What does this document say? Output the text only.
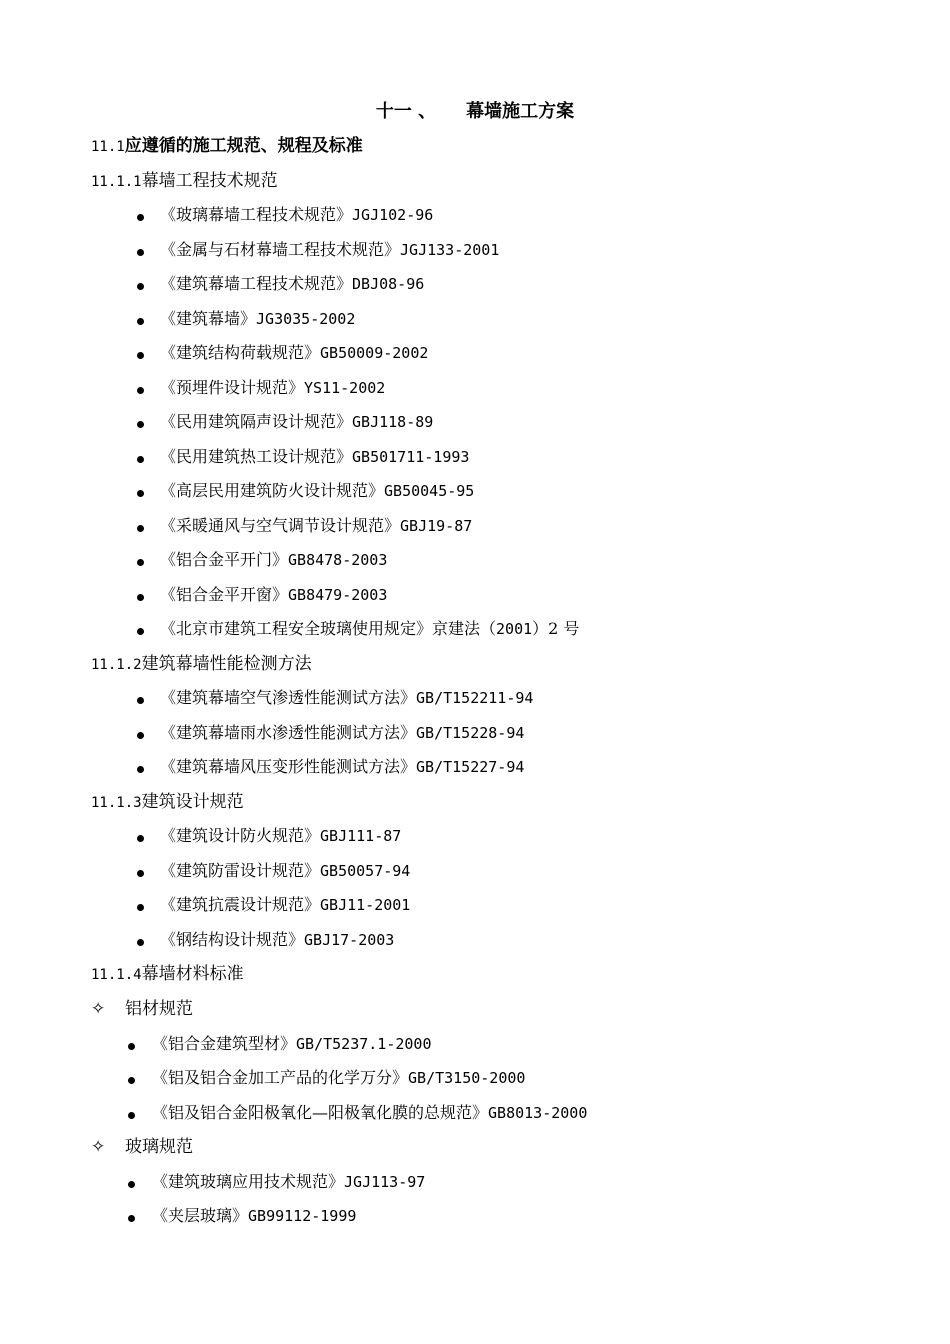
十一 、 幕墙施工方案
11.1应遵循的施工规范、规程及标准
11.1.1幕墙工程技术规范
《玻璃幕墙工程技术规范》JGJ102-96
《金属与石材幕墙工程技术规范》JGJ133-2001
《建筑幕墙工程技术规范》DBJ08-96
《建筑幕墙》JG3035-2002
《建筑结构荷载规范》GB50009-2002
《预埋件设计规范》YS11-2002
《民用建筑隔声设计规范》GBJ118-89
《民用建筑热工设计规范》GB501711-1993
《高层民用建筑防火设计规范》GB50045-95
《采暖通风与空气调节设计规范》GBJ19-87
《铝合金平开门》GB8478-2003
《铝合金平开窗》GB8479-2003
《北京市建筑工程安全玻璃使用规定》京建法（2001）2 号
11.1.2建筑幕墙性能检测方法
《建筑幕墙空气渗透性能测试方法》GB/T152211-94
《建筑幕墙雨水渗透性能测试方法》GB/T15228-94
《建筑幕墙风压变形性能测试方法》GB/T15227-94
11.1.3建筑设计规范
《建筑设计防火规范》GBJ111-87
《建筑防雷设计规范》GB50057-94
《建筑抗震设计规范》GBJ11-2001
《钢结构设计规范》GBJ17-2003
11.1.4幕墙材料标准
✧ 铝材规范
《铝合金建筑型材》GB/T5237.1-2000
《铝及铝合金加工产品的化学万分》GB/T3150-2000
《铝及铝合金阳极氧化—阳极氧化膜的总规范》GB8013-2000
✧ 玻璃规范
《建筑玻璃应用技术规范》JGJ113-97
《夹层玻璃》GB99112-1999
